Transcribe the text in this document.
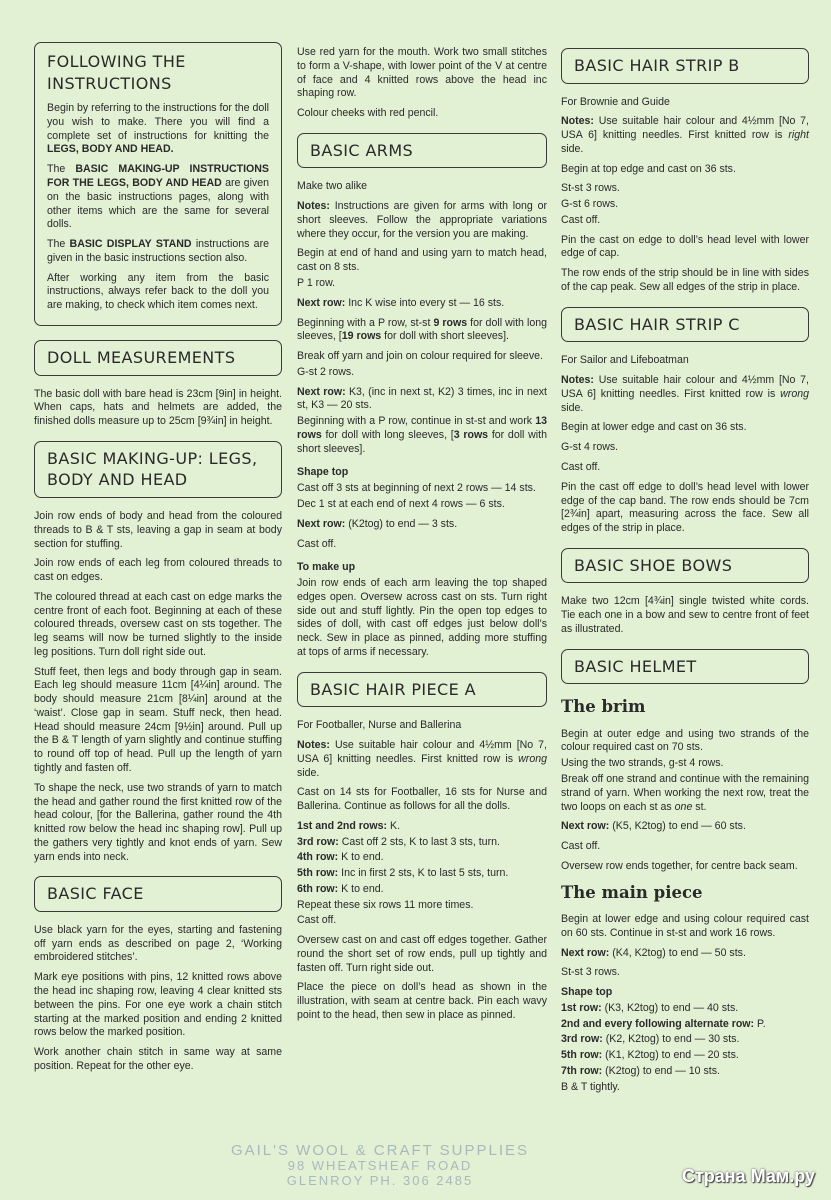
FOLLOWING THE INSTRUCTIONS

Begin by referring to the instructions for the doll you wish to make. There you will find a complete set of instructions for knitting the LEGS, BODY AND HEAD.

The BASIC MAKING-UP INSTRUCTIONS FOR THE LEGS, BODY AND HEAD are given on the basic instructions pages, along with other items which are the same for several dolls.

The BASIC DISPLAY STAND instructions are given in the basic instructions section also.

After working any item from the basic instructions, always refer back to the doll you are making, to check which item comes next.

DOLL MEASUREMENTS

The basic doll with bare head is 23cm [9in] in height. When caps, hats and helmets are added, the finished dolls measure up to 25cm [9¾in] in height.

BASIC MAKING-UP: LEGS, BODY AND HEAD

Join row ends of body and head from the coloured threads to B & T sts, leaving a gap in seam at body section for stuffing.

Join row ends of each leg from coloured threads to cast on edges.

The coloured thread at each cast on edge marks the centre front of each foot. Beginning at each of these coloured threads, oversew cast on sts together. The leg seams will now be turned slightly to the inside leg positions. Turn doll right side out.

Stuff feet, then legs and body through gap in seam. Each leg should measure 11cm [4¼in] around. The body should measure 21cm [8¼in] around at the ‘waist’. Close gap in seam. Stuff neck, then head. Head should measure 24cm [9½in] around. Pull up the B & T length of yarn slightly and continue stuffing to round off top of head. Pull up the length of yarn tightly and fasten off.

To shape the neck, use two strands of yarn to match the head and gather round the first knitted row of the head colour, [for the Ballerina, gather round the 4th knitted row below the head inc shaping row]. Pull up the gathers very tightly and knot ends of yarn. Sew yarn ends into neck.

BASIC FACE

Use black yarn for the eyes, starting and fastening off yarn ends as described on page 2, ‘Working embroidered stitches’.

Mark eye positions with pins, 12 knitted rows above the head inc shaping row, leaving 4 clear knitted sts between the pins. For one eye work a chain stitch starting at the marked position and ending 2 knitted rows below the marked position.

Work another chain stitch in same way at same position. Repeat for the other eye.

Use red yarn for the mouth. Work two small stitches to form a V-shape, with lower point of the V at centre of face and 4 knitted rows above the head inc shaping row.

Colour cheeks with red pencil.

BASIC ARMS

Make two alike

Notes: Instructions are given for arms with long or short sleeves. Follow the appropriate variations where they occur, for the version you are making.

Begin at end of hand and using yarn to match head, cast on 8 sts.

P 1 row.

Next row: Inc K wise into every st — 16 sts.

Beginning with a P row, st-st 9 rows for doll with long sleeves, [19 rows for doll with short sleeves].

Break off yarn and join on colour required for sleeve.

G-st 2 rows.

Next row: K3, (inc in next st, K2) 3 times, inc in next st, K3 — 20 sts.

Beginning with a P row, continue in st-st and work 13 rows for doll with long sleeves, [3 rows for doll with short sleeves].

Shape top

Cast off 3 sts at beginning of next 2 rows — 14 sts.

Dec 1 st at each end of next 4 rows — 6 sts.

Next row: (K2tog) to end — 3 sts.

Cast off.

To make up

Join row ends of each arm leaving the top shaped edges open. Oversew across cast on sts. Turn right side out and stuff lightly. Pin the open top edges to sides of doll, with cast off edges just below doll’s neck. Sew in place as pinned, adding more stuffing at tops of arms if necessary.

BASIC HAIR PIECE A

For Footballer, Nurse and Ballerina

Notes: Use suitable hair colour and 4½mm [No 7, USA 6] knitting needles. First knitted row is wrong side.

Cast on 14 sts for Footballer, 16 sts for Nurse and Ballerina. Continue as follows for all the dolls.

1st and 2nd rows: K.

3rd row: Cast off 2 sts, K to last 3 sts, turn.

4th row: K to end.

5th row: Inc in first 2 sts, K to last 5 sts, turn.

6th row: K to end.

Repeat these six rows 11 more times.

Cast off.

Oversew cast on and cast off edges together. Gather round the short set of row ends, pull up tightly and fasten off. Turn right side out.

Place the piece on doll’s head as shown in the illustration, with seam at centre back. Pin each wavy point to the head, then sew in place as pinned.

BASIC HAIR STRIP B

For Brownie and Guide

Notes: Use suitable hair colour and 4½mm [No 7, USA 6] knitting needles. First knitted row is right side.

Begin at top edge and cast on 36 sts.

St-st 3 rows.

G-st 6 rows.

Cast off.

Pin the cast on edge to doll’s head level with lower edge of cap.

The row ends of the strip should be in line with sides of the cap peak. Sew all edges of the strip in place.

BASIC HAIR STRIP C

For Sailor and Lifeboatman

Notes: Use suitable hair colour and 4½mm [No 7, USA 6] knitting needles. First knitted row is wrong side.

Begin at lower edge and cast on 36 sts.

G-st 4 rows.

Cast off.

Pin the cast off edge to doll’s head level with lower edge of the cap band. The row ends should be 7cm [2¾in] apart, measuring across the face. Sew all edges of the strip in place.

BASIC SHOE BOWS

Make two 12cm [4¾in] single twisted white cords. Tie each one in a bow and sew to centre front of feet as illustrated.

BASIC HELMET
The brim

Begin at outer edge and using two strands of the colour required cast on 70 sts.

Using the two strands, g-st 4 rows.

Break off one strand and continue with the remaining strand of yarn. When working the next row, treat the two loops on each st as one st.

Next row: (K5, K2tog) to end — 60 sts.

Cast off.

Oversew row ends together, for centre back seam.

The main piece

Begin at lower edge and using colour required cast on 60 sts. Continue in st-st and work 16 rows.

Next row: (K4, K2tog) to end — 50 sts.

St-st 3 rows.

Shape top

1st row: (K3, K2tog) to end — 40 sts.

2nd and every following alternate row: P.

3rd row: (K2, K2tog) to end — 30 sts.

5th row: (K1, K2tog) to end — 20 sts.

7th row: (K2tog) to end — 10 sts.

B & T tightly.

GAIL'S WOOL & CRAFT SUPPLIES
98 WHEATSHEAF ROAD
GLENROY PH. 306 2485	Страна Мам.ру
